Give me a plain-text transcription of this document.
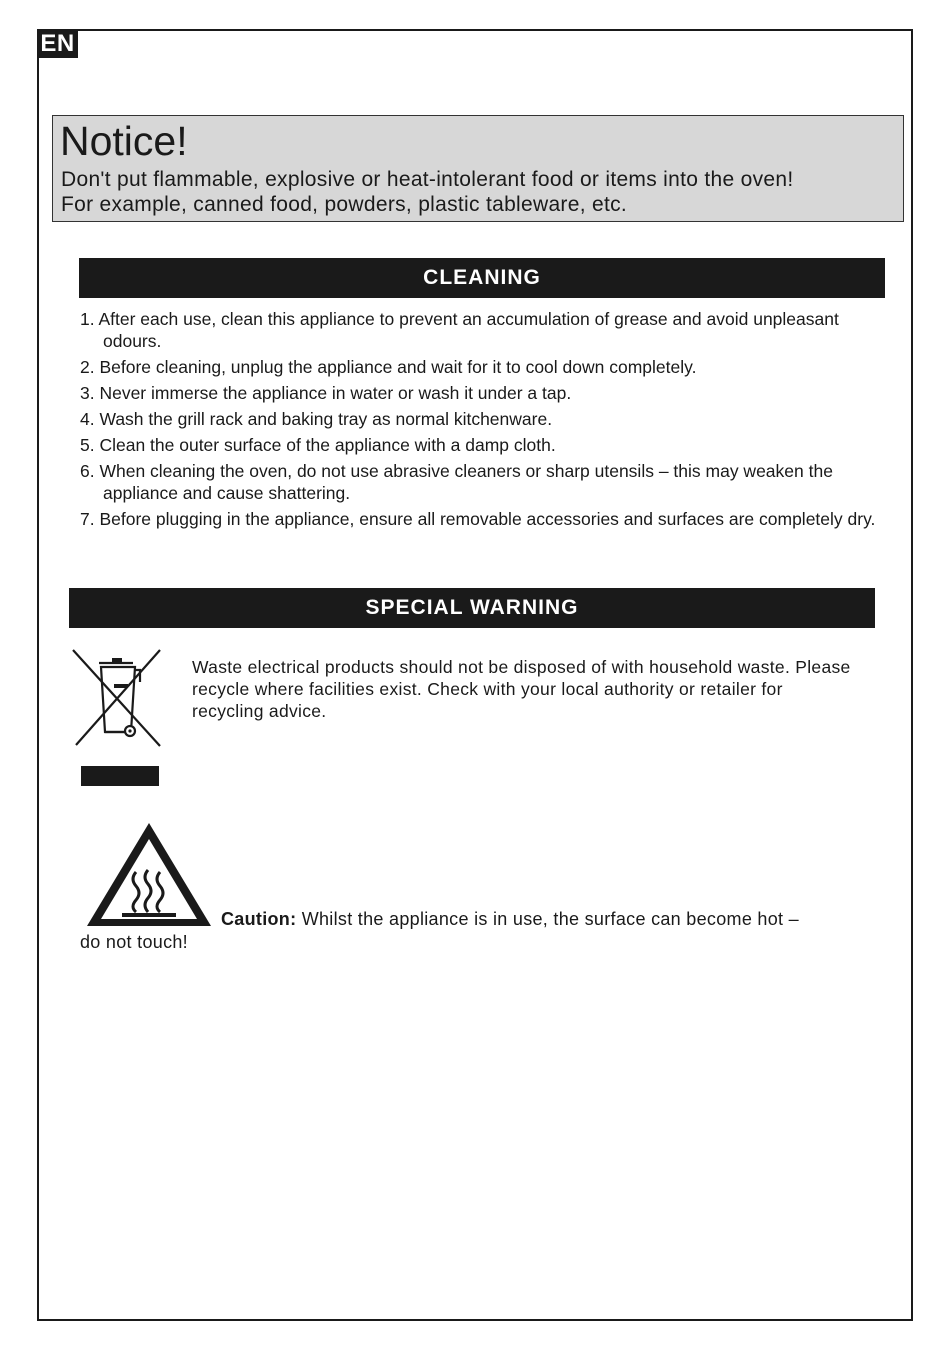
EN
Notice!
Don't put flammable, explosive or heat-intolerant food or items into the oven!
For example, canned food, powders, plastic tableware, etc.
CLEANING
1. After each use, clean this appliance to prevent an accumulation of grease and avoid unpleasant odours.
2. Before cleaning, unplug the appliance and wait for it to cool down completely.
3. Never immerse the appliance in water or wash it under a tap.
4. Wash the grill rack and baking tray as normal kitchenware.
5. Clean the outer surface of the appliance with a damp cloth.
6. When cleaning the oven, do not use abrasive cleaners or sharp utensils – this may weaken the appliance and cause shattering.
7. Before plugging in the appliance, ensure all removable accessories and surfaces are completely dry.
SPECIAL WARNING
Waste electrical products should not be disposed of with household waste. Please recycle where facilities exist. Check with your local authority or retailer for recycling advice.
Caution: Whilst the appliance is in use, the surface can become hot –
do not touch!
